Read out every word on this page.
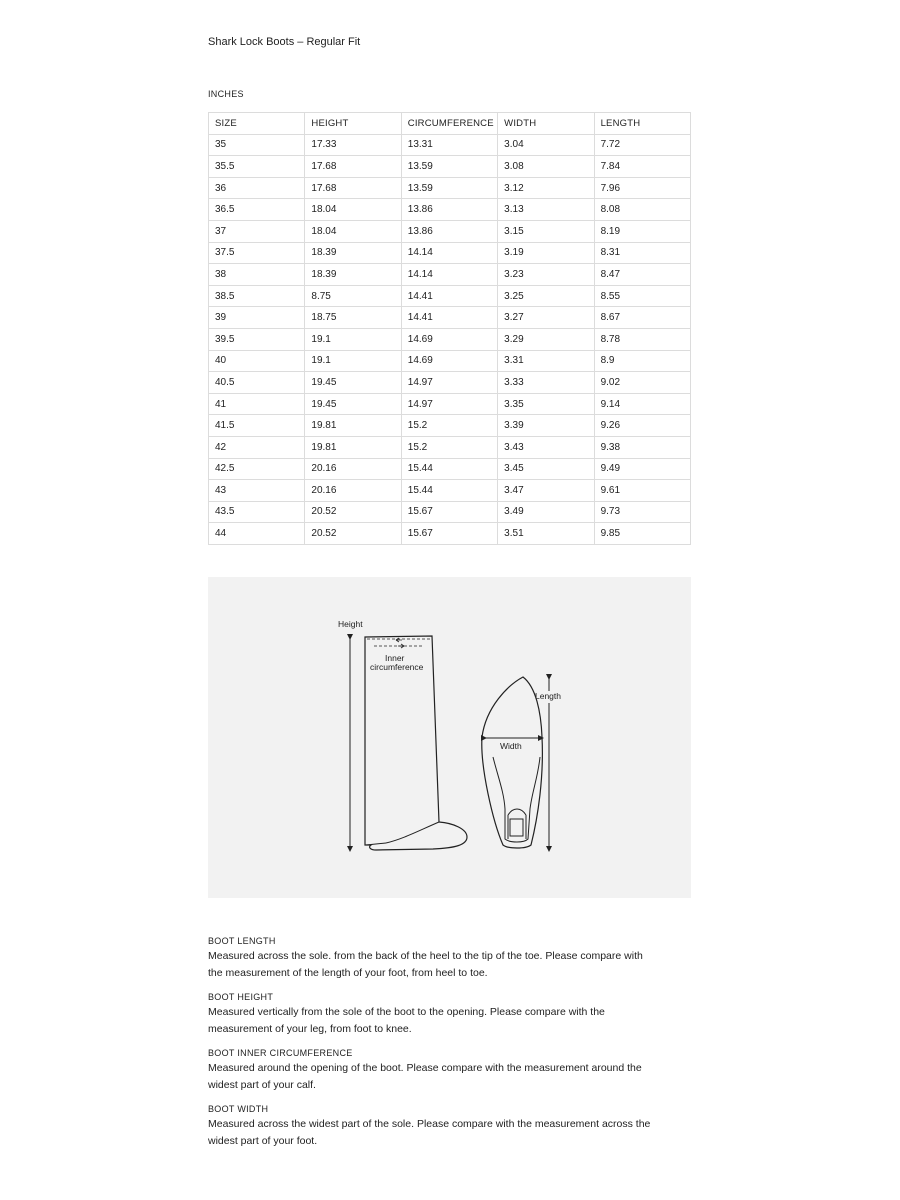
Shark Lock Boots – Regular Fit
INCHES
SIZE	HEIGHT	CIRCUMFERENCE	WIDTH	LENGTH
35	17.33	13.31	3.04	7.72
35.5	17.68	13.59	3.08	7.84
36	17.68	13.59	3.12	7.96
36.5	18.04	13.86	3.13	8.08
37	18.04	13.86	3.15	8.19
37.5	18.39	14.14	3.19	8.31
38	18.39	14.14	3.23	8.47
38.5	8.75	14.41	3.25	8.55
39	18.75	14.41	3.27	8.67
39.5	19.1	14.69	3.29	8.78
40	19.1	14.69	3.31	8.9
40.5	19.45	14.97	3.33	9.02
41	19.45	14.97	3.35	9.14
41.5	19.81	15.2	3.39	9.26
42	19.81	15.2	3.43	9.38
42.5	20.16	15.44	3.45	9.49
43	20.16	15.44	3.47	9.61
43.5	20.52	15.67	3.49	9.73
44	20.52	15.67	3.51	9.85
Height
Inner
circumference
Width
Length
BOOT LENGTH
Measured across the sole. from the back of the heel to the tip of the toe. Please compare with
the measurement of the length of your foot, from heel to toe.
BOOT HEIGHT
Measured vertically from the sole of the boot to the opening. Please compare with the
measurement of your leg, from foot to knee.
BOOT INNER CIRCUMFERENCE
Measured around the opening of the boot. Please compare with the measurement around the
widest part of your calf.
BOOT WIDTH
Measured across the widest part of the sole. Please compare with the measurement across the
widest part of your foot.
